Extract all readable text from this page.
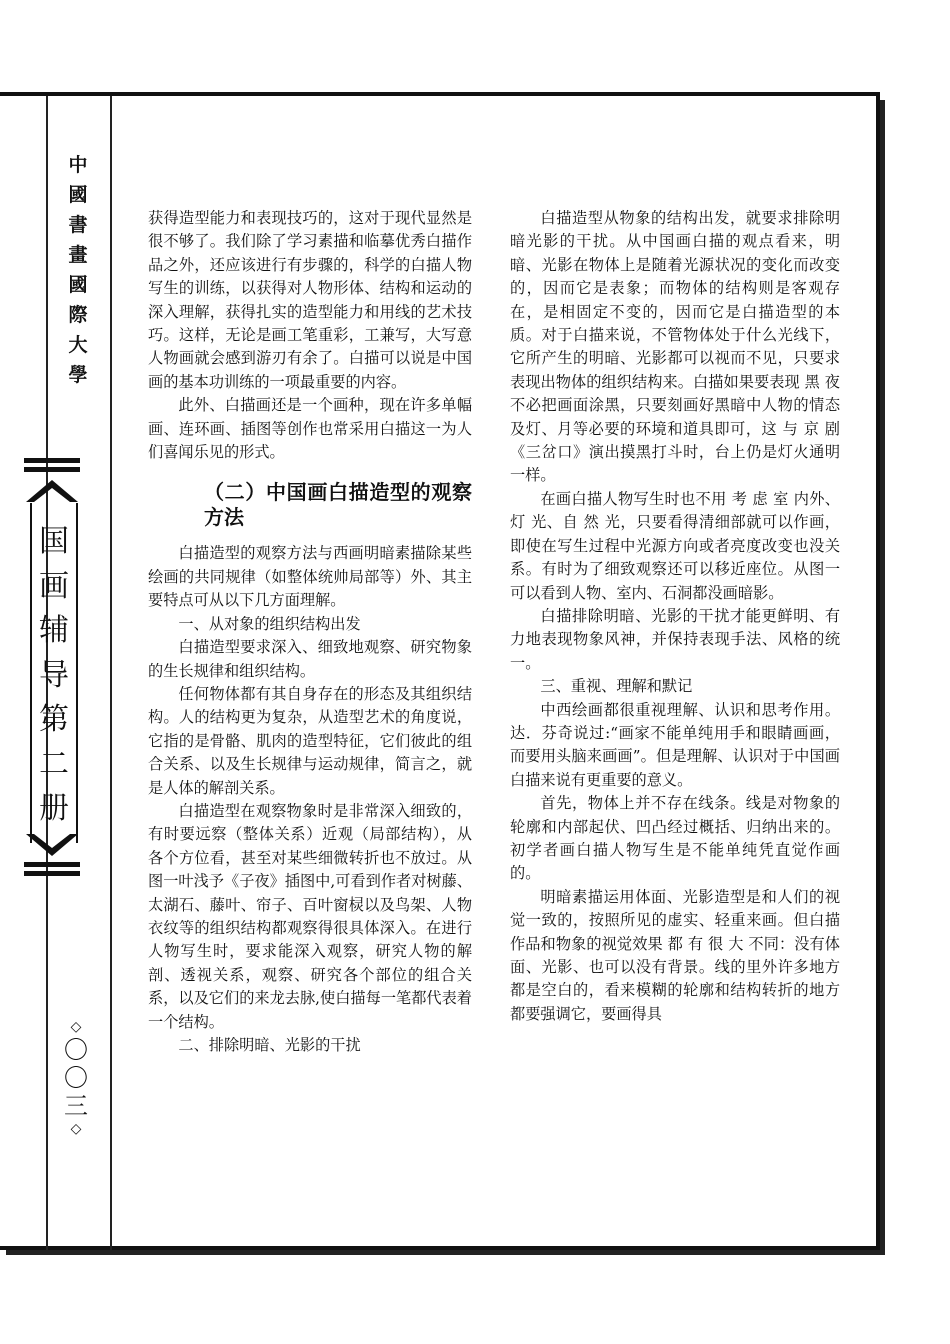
中
國
書
畫
國
際
大
學
国
画
辅
导
第
二
册
◇
〇
〇
三
◇

获得造型能力和表现技巧的，这对于现代显然是很不够了。我们除了学习素描和临摹优秀白描作品之外，还应该进行有步骤的，科学的白描人物写生的训练，以获得对人物形体、结构和运动的深入理解，获得扎实的造型能力和用线的艺术技巧。这样，无论是画工笔重彩，工兼写，大写意人物画就会感到游刃有余了。白描可以说是中国画的基本功训练的一项最重要的内容。

此外、白描画还是一个画种，现在许多单幅画、连环画、插图等创作也常采用白描这一为人们喜闻乐见的形式。

（二）中国画白描造型的观察方法

白描造型的观察方法与西画明暗素描除某些绘画的共同规律（如整体统帅局部等）外、其主要特点可从以下几方面理解。

一、从对象的组织结构出发

白描造型要求深入、细致地观察、研究物象的生长规律和组织结构。

任何物体都有其自身存在的形态及其组织结构。人的结构更为复杂，从造型艺术的角度说，它指的是骨骼、肌肉的造型特征，它们彼此的组合关系、以及生长规律与运动规律，简言之，就是人体的解剖关系。

白描造型在观察物象时是非常深入细致的，有时要远察（整体关系）近观（局部结构），从各个方位看，甚至对某些细微转折也不放过。从图一叶浅予《子夜》插图中,可看到作者对树藤、太湖石、藤叶、帘子、百叶窗棂以及鸟架、人物衣纹等的组织结构都观察得很具体深入。在进行人物写生时，要求能深入观察，研究人物的解剖、透视关系，观察、研究各个部位的组合关系，以及它们的来龙去脉,使白描每一笔都代表着一个结构。

二、排除明暗、光影的干扰

白描造型从物象的结构出发，就要求排除明暗光影的干扰。从中国画白描的观点看来，明暗、光影在物体上是随着光源状况的变化而改变的，因而它是表象；而物体的结构则是客观存在，是相固定不变的，因而它是白描造型的本质。对于白描来说，不管物体处于什么光线下，它所产生的明暗、光影都可以视而不见，只要求表现出物体的组织结构来。白描如果要表现 黑 夜 不必把画面涂黑，只要刻画好黑暗中人物的情态及灯、月等必要的环境和道具即可，这 与 京 剧《三岔口》演出摸黑打斗时，台上仍是灯火通明一样。

在画白描人物写生时也不用 考 虑 室 内外、灯 光、自 然 光，只要看得清细部就可以作画，即使在写生过程中光源方向或者亮度改变也没关系。有时为了细致观察还可以移近座位。从图一可以看到人物、室内、石洞都没画暗影。

白描排除明暗、光影的干扰才能更鲜明、有力地表现物象风神，并保持表现手法、风格的统一。

三、重视、理解和默记

中西绘画都很重视理解、认识和思考作用。达．芬奇说过:“画家不能单纯用手和眼睛画画，而要用头脑来画画”。但是理解、认识对于中国画白描来说有更重要的意义。

首先，物体上并不存在线条。线是对物象的轮廓和内部起伏、凹凸经过概括、归纳出来的。初学者画白描人物写生是不能单纯凭直觉作画的。

明暗素描运用体面、光影造型是和人们的视觉一致的，按照所见的虚实、轻重来画。但白描作品和物象的视觉效果 都 有 很 大 不同：没有体面、光影、也可以没有背景。线的里外许多地方都是空白的，看来模糊的轮廓和结构转折的地方都要强调它，要画得具
